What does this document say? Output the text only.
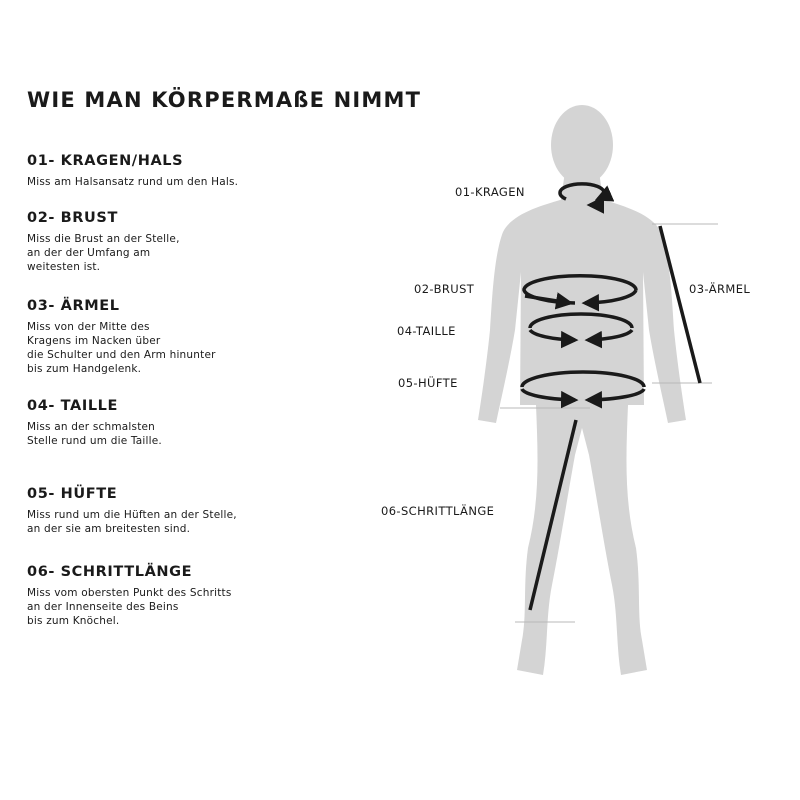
WIE MAN KÖRPERMAßE NIMMT
01- KRAGEN/HALS

Miss am Halsansatz rund um den Hals.

02- BRUST

Miss die Brust an der Stelle,
an der der Umfang am
weitesten ist.

03- ÄRMEL

Miss von der Mitte des
Kragens im Nacken über
die Schulter und den Arm hinunter
bis zum Handgelenk.

04- TAILLE

Miss an der schmalsten
Stelle rund um die Taille.

05- HÜFTE

Miss rund um die Hüften an der Stelle,
an der sie am breitesten sind.

06- SCHRITTLÄNGE

Miss vom obersten Punkt des Schritts
an der Innenseite des Beins
bis zum Knöchel.

01-KRAGEN
02-BRUST	03-ÄRMEL
04-TAILLE
05-HÜFTE
06-SCHRITTLÄNGE
